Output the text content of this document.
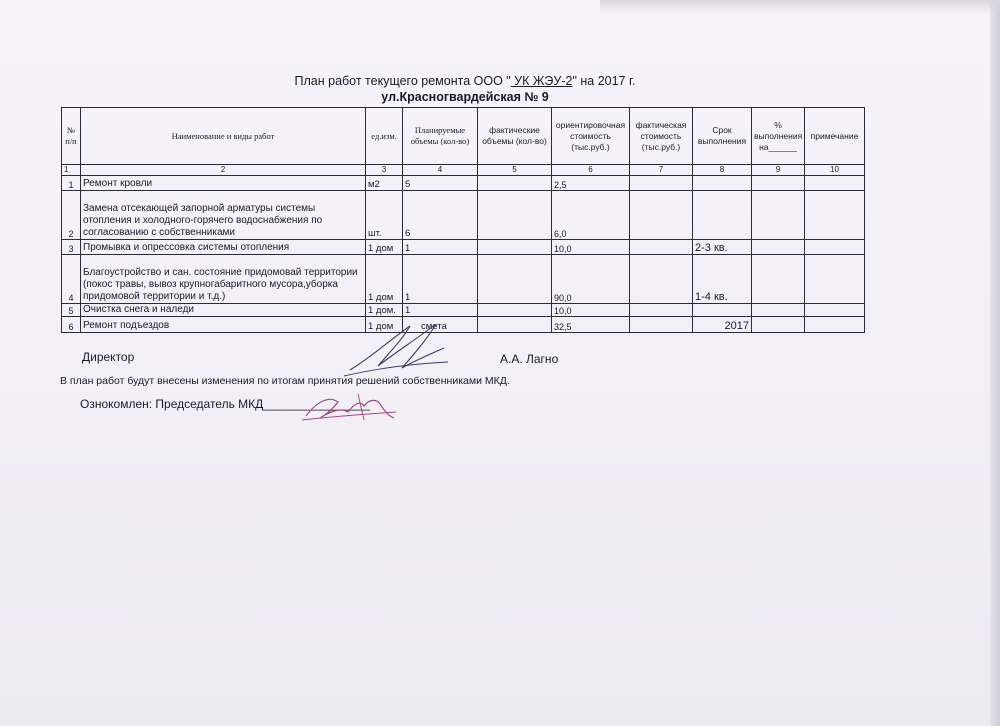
План работ текущего ремонта ООО " УК ЖЭУ-2" на 2017 г.
ул.Красногвардейская № 9
№ п/п	Наименование и виды работ	ед.изм.	Планируемые объемы (кол-во)	фактические объемы (кол-во)	ориентировочная стоимость (тыс.руб.)	фактическая стоимость (тыс.руб.)	Срок выполнения	% выполнения на______	примечание
1	2	3	4	5	6	7	8	9	10
1	Ремонт кровли	м2	5		2,5				
2	Замена отсекающей запорной арматуры системы отопления и холодного-горячего водоснабжения по согласованию с собственниками	шт.	6		6,0				
3	Промывка и опрессовка системы отопления	1 дом	1		10,0		2-3 кв.		
4	Благоустройство и сан. состояние придомовай территории (покос травы, вывоз крупногабаритного мусора,уборка придомовой территории и т.д.)	1 дом	1		90,0		1-4 кв.		
5	Очистка снега и наледи	1 дом.	1		10,0				
6	Ремонт подъездов	1 дом	смета		32,5		2017		
Директор	А.А. Лагно
В план работ будут внесены изменения по итогам принятия решений собственниками МКД.
Ознокомлен: Председатель МКД________________
